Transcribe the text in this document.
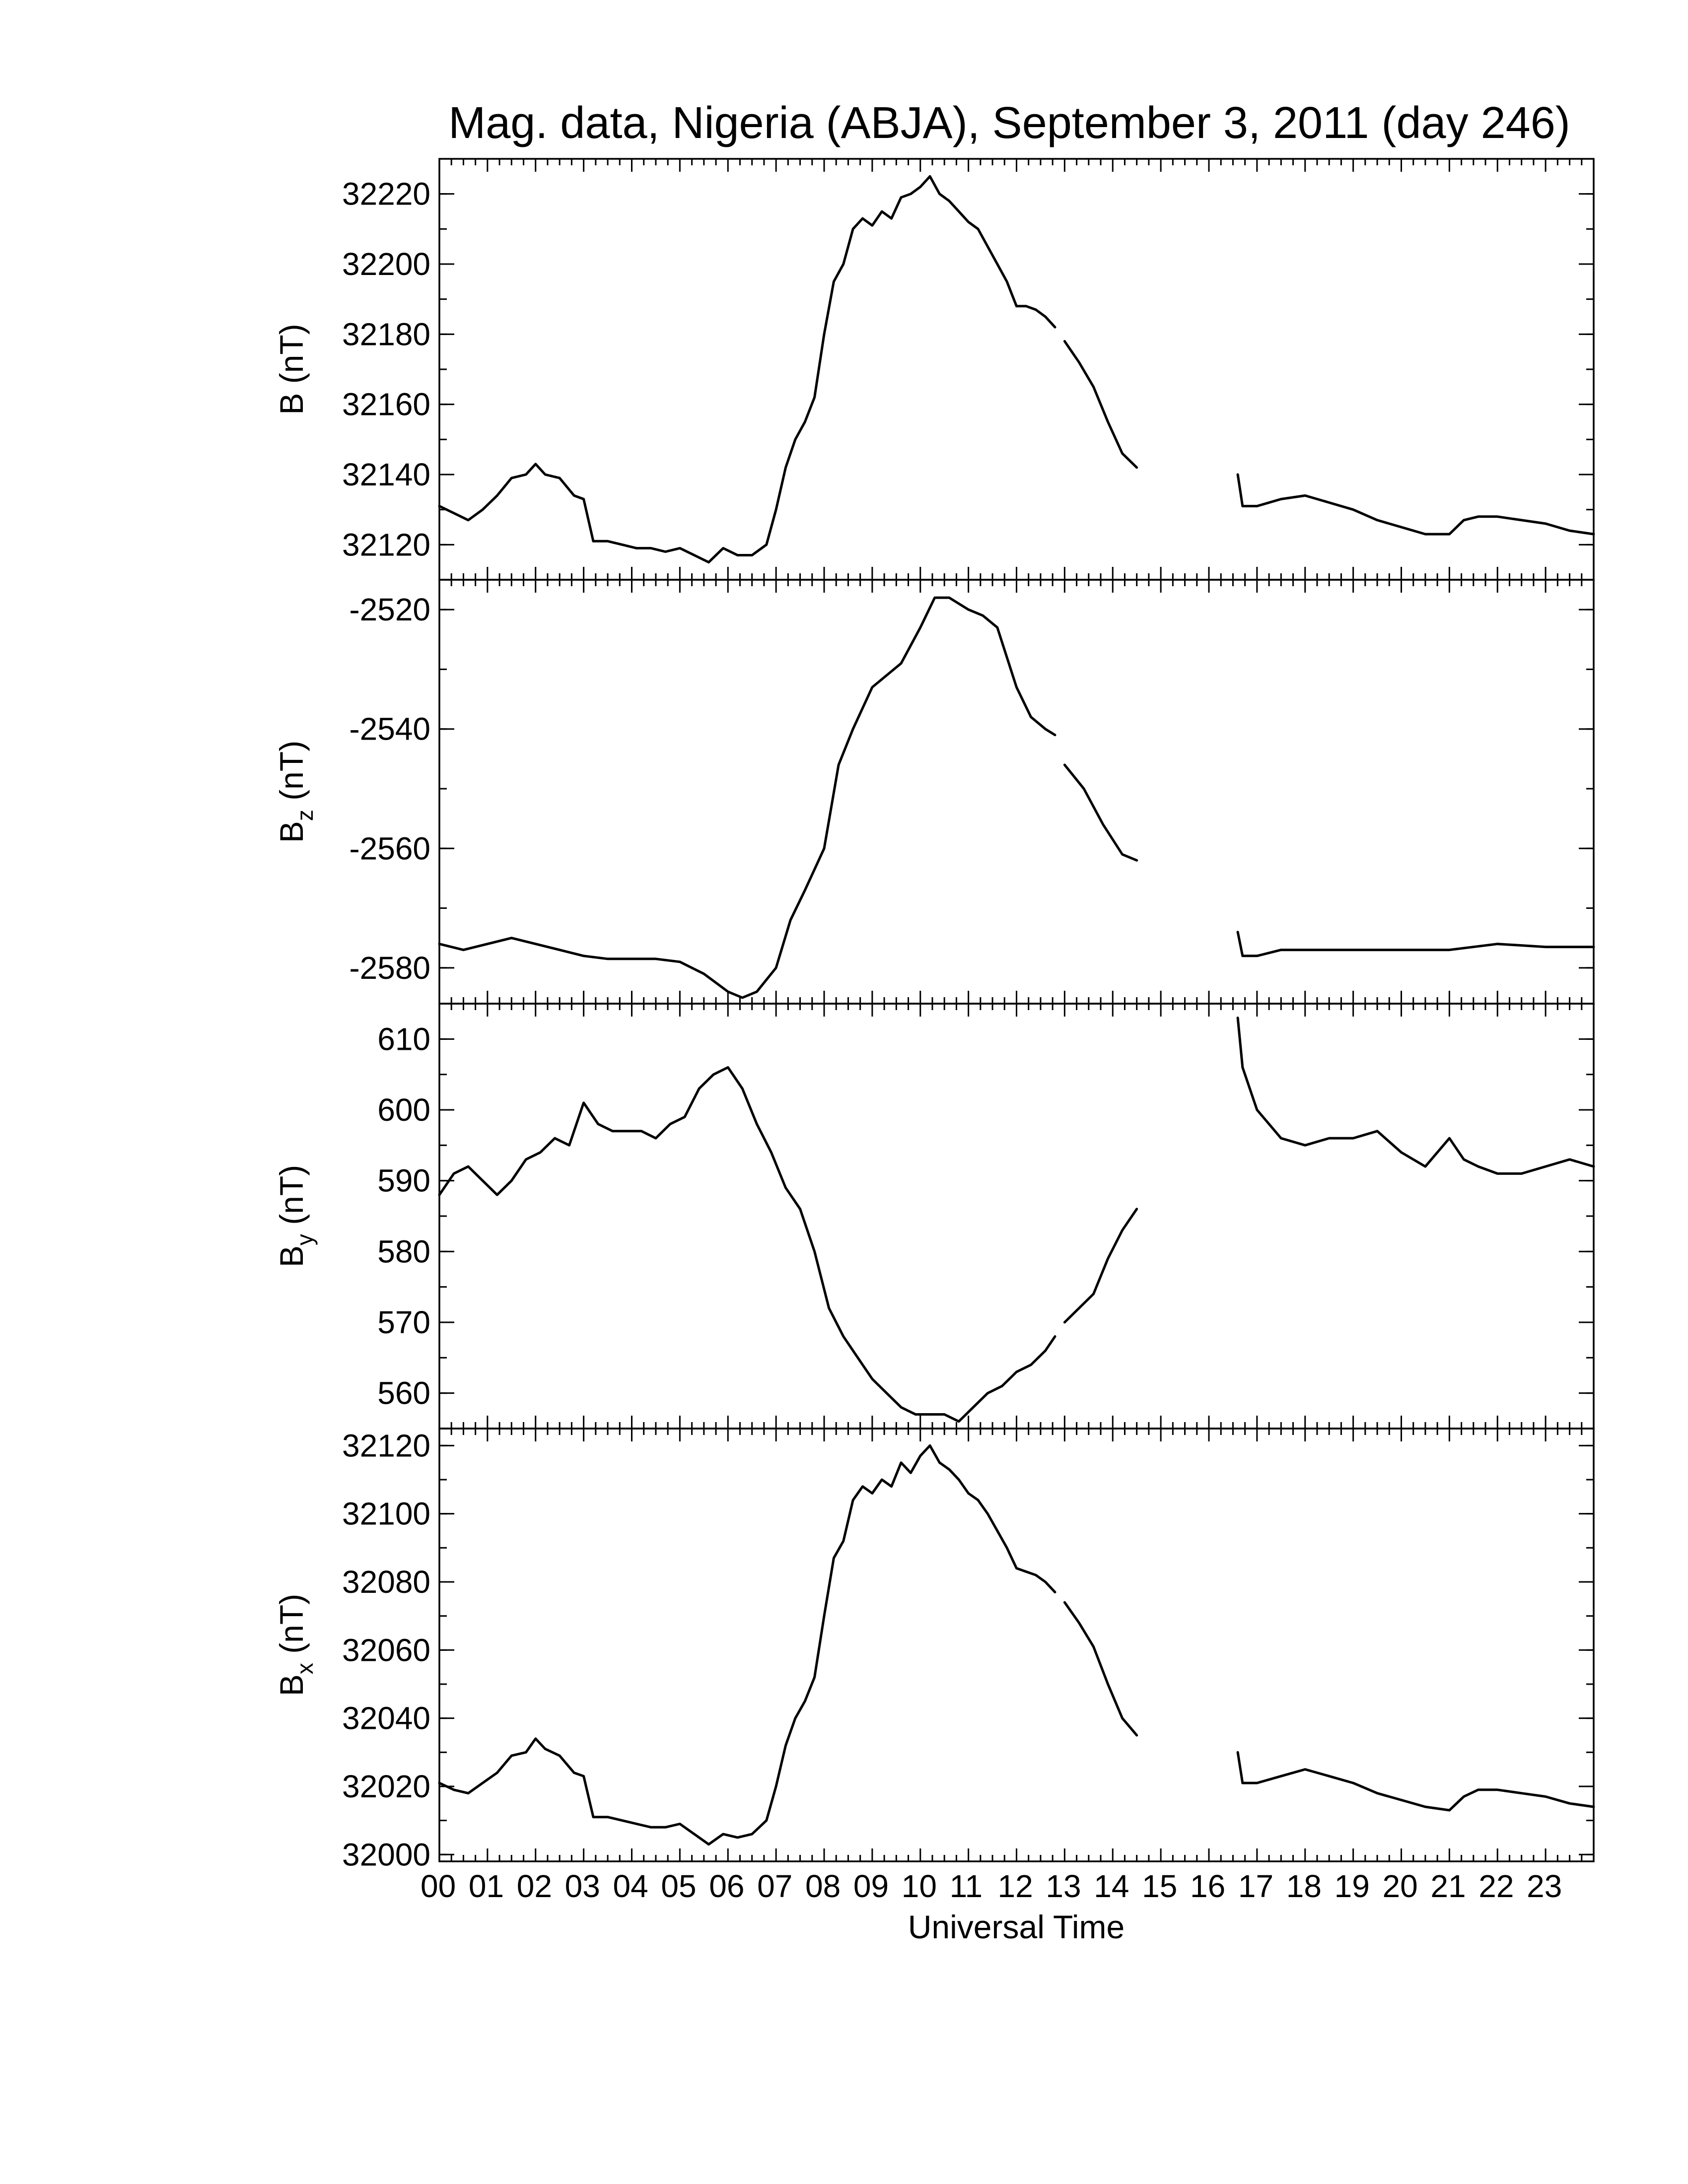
Mag. data, Nigeria (ABJA), September 3, 2011 (day 246)
32120
32140
32160
32180
32200
32220
B (nT)
-2580
-2560
-2540
-2520
$B_z$ (nT)
560
570
580
590
600
610
$B_y$ (nT)
32000
32020
32040
32060
32080
32100
32120
$B_x$ (nT)
00 01 02 03 04 05 06 07 08 09 10 11 12 13 14 15 16 17 18 19 20 21 22 23
Universal Time
